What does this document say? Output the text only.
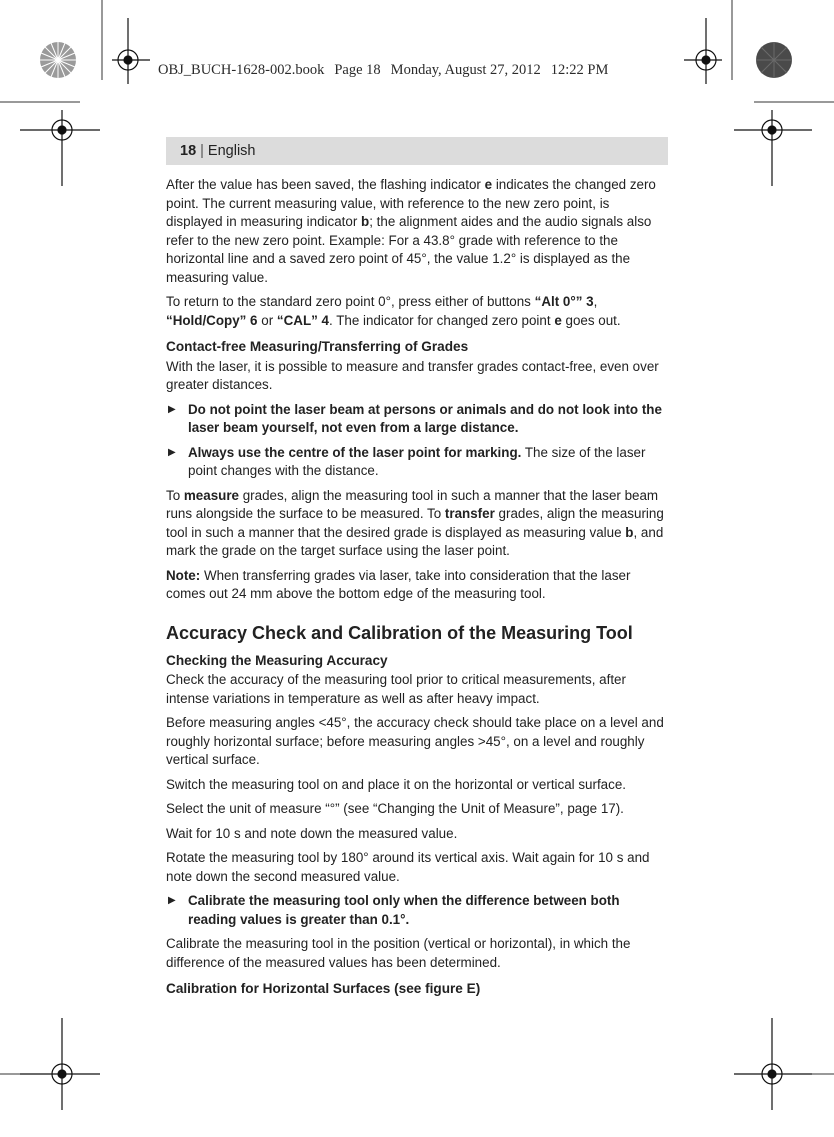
OBJ_BUCH-1628-002.book Page 18 Monday, August 27, 2012 12:22 PM
18 | English

After the value has been saved, the flashing indicator e indicates the changed zero point. The current measuring value, with reference to the new zero point, is displayed in measuring indicator b; the alignment aides and the audio signals also refer to the new zero point. Example: For a 43.8° grade with reference to the horizontal line and a saved zero point of 45°, the value 1.2° is displayed as the measuring value.

To return to the standard zero point 0°, press either of buttons “Alt 0°” 3, “Hold/Copy” 6 or “CAL” 4. The indicator for changed zero point e goes out.

Contact-free Measuring/Transferring of Grades

With the laser, it is possible to measure and transfer grades contact-free, even over greater distances.

▶ Do not point the laser beam at persons or animals and do not look into the laser beam yourself, not even from a large distance.
▶ Always use the centre of the laser point for marking. The size of the laser point changes with the distance.

To measure grades, align the measuring tool in such a manner that the laser beam runs alongside the surface to be measured. To transfer grades, align the measuring tool in such a manner that the desired grade is displayed as measuring value b, and mark the grade on the target surface using the laser point.

Note: When transferring grades via laser, take into consideration that the laser comes out 24 mm above the bottom edge of the measuring tool.

Accuracy Check and Calibration of the Measuring Tool
Checking the Measuring Accuracy

Check the accuracy of the measuring tool prior to critical measurements, after intense variations in temperature as well as after heavy impact.

Before measuring angles <45°, the accuracy check should take place on a level and roughly horizontal surface; before measuring angles >45°, on a level and roughly vertical surface.

Switch the measuring tool on and place it on the horizontal or vertical surface.

Select the unit of measure “°” (see “Changing the Unit of Measure”, page 17).

Wait for 10 s and note down the measured value.

Rotate the measuring tool by 180° around its vertical axis. Wait again for 10 s and note down the second measured value.

▶ Calibrate the measuring tool only when the difference between both reading values is greater than 0.1°.

Calibrate the measuring tool in the position (vertical or horizontal), in which the difference of the measured values has been determined.

Calibration for Horizontal Surfaces (see figure E)
